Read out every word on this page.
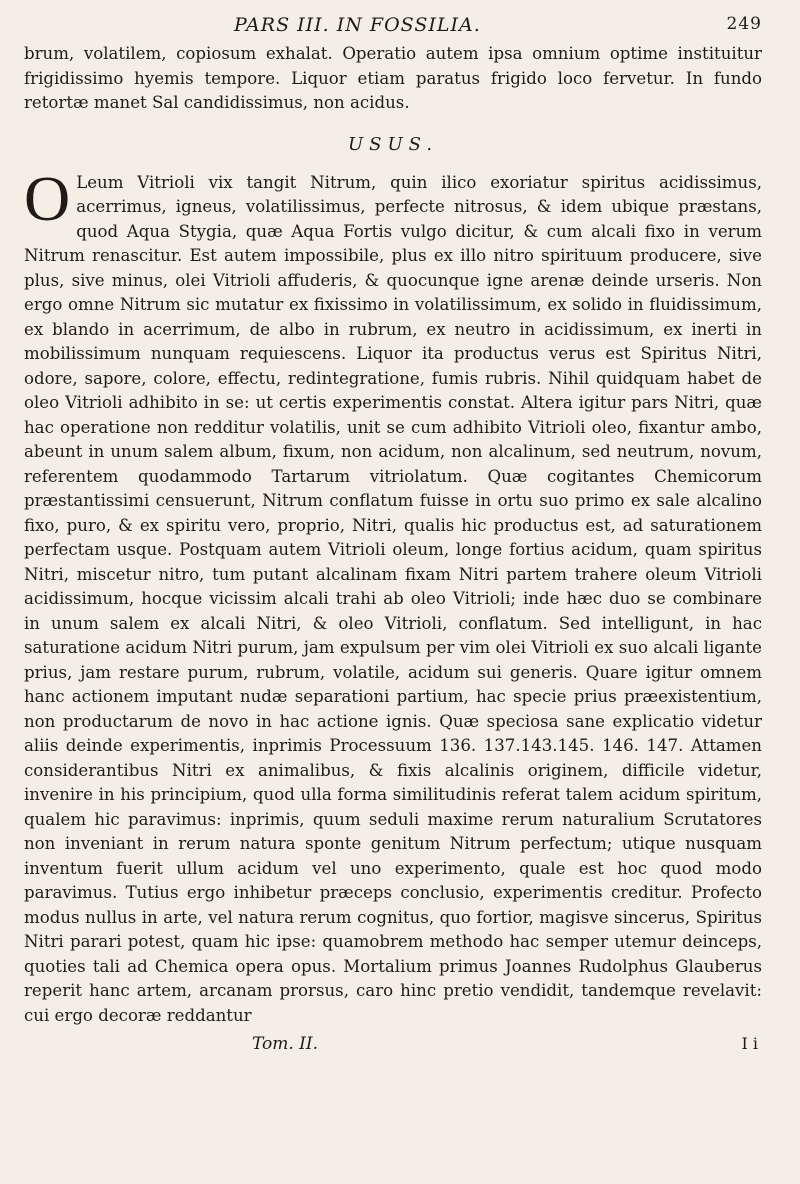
PARS III. IN FOSSILIA.	249

brum, volatilem, copiosum exhalat. Operatio autem ipsa omnium optime instituitur frigidissimo hyemis tempore. Liquor etiam paratus frigido loco fervetur. In fundo retortæ manet Sal candidissimus, non acidus.

USUS.

O Leum Vitrioli vix tangit Nitrum, quin ilico exoriatur spiritus acidissimus, acerrimus, igneus, volatilissimus, perfecte nitrosus, & idem ubique præstans, quod Aqua Stygia, quæ Aqua Fortis vulgo dicitur, & cum alcali fixo in verum Nitrum renascitur. Est autem impossibile, plus ex illo nitro spirituum producere, sive plus, sive minus, olei Vitrioli affuderis, & quocunque igne arenæ deinde urseris. Non ergo omne Nitrum sic mutatur ex fixissimo in volatilissimum, ex solido in fluidissimum, ex blando in acerrimum, de albo in rubrum, ex neutro in acidissimum, ex inerti in mobilissimum nunquam requiescens. Liquor ita productus verus est Spiritus Nitri, odore, sapore, colore, effectu, redintegratione, fumis rubris. Nihil quidquam habet de oleo Vitrioli adhibito in se: ut certis experimentis constat. Altera igitur pars Nitri, quæ hac operatione non redditur volatilis, unit se cum adhibito Vitrioli oleo, fixantur ambo, abeunt in unum salem album, fixum, non acidum, non alcalinum, sed neutrum, novum, referentem quodammodo Tartarum vitriolatum. Quæ cogitantes Chemicorum præstantissimi censuerunt, Nitrum conflatum fuisse in ortu suo primo ex sale alcalino fixo, puro, & ex spiritu vero, proprio, Nitri, qualis hic productus est, ad saturationem perfectam usque. Postquam autem Vitrioli oleum, longe fortius acidum, quam spiritus Nitri, miscetur nitro, tum putant alcalinam fixam Nitri partem trahere oleum Vitrioli acidissimum, hocque vicissim alcali trahi ab oleo Vitrioli; inde hæc duo se combinare in unum salem ex alcali Nitri, & oleo Vitrioli, conflatum. Sed intelligunt, in hac saturatione acidum Nitri purum, jam expulsum per vim olei Vitrioli ex suo alcali ligante prius, jam restare purum, rubrum, volatile, acidum sui generis. Quare igitur omnem hanc actionem imputant nudæ separationi partium, hac specie prius præexistentium, non productarum de novo in hac actione ignis. Quæ speciosa sane explicatio videtur aliis deinde experimentis, inprimis Processuum 136. 137.143.145. 146. 147. Attamen considerantibus Nitri ex animalibus, & fixis alcalinis originem, difficile videtur, invenire in his principium, quod ulla forma similitudinis referat talem acidum spiritum, qualem hic paravimus: inprimis, quum seduli maxime rerum naturalium Scrutatores non inveniant in rerum natura sponte genitum Nitrum perfectum; utique nusquam inventum fuerit ullum acidum vel uno experimento, quale est hoc quod modo paravimus. Tutius ergo inhibetur præceps conclusio, experimentis creditur. Profecto modus nullus in arte, vel natura rerum cognitus, quo fortior, magisve sincerus, Spiritus Nitri parari potest, quam hic ipse: quamobrem methodo hac semper utemur deinceps, quoties tali ad Chemica opera opus. Mortalium primus Joannes Rudolphus Glauberus reperit hanc artem, arcanam prorsus, caro hinc pretio vendidit, tandemque revelavit: cui ergo decoræ reddantur

Tom. II.	I i
